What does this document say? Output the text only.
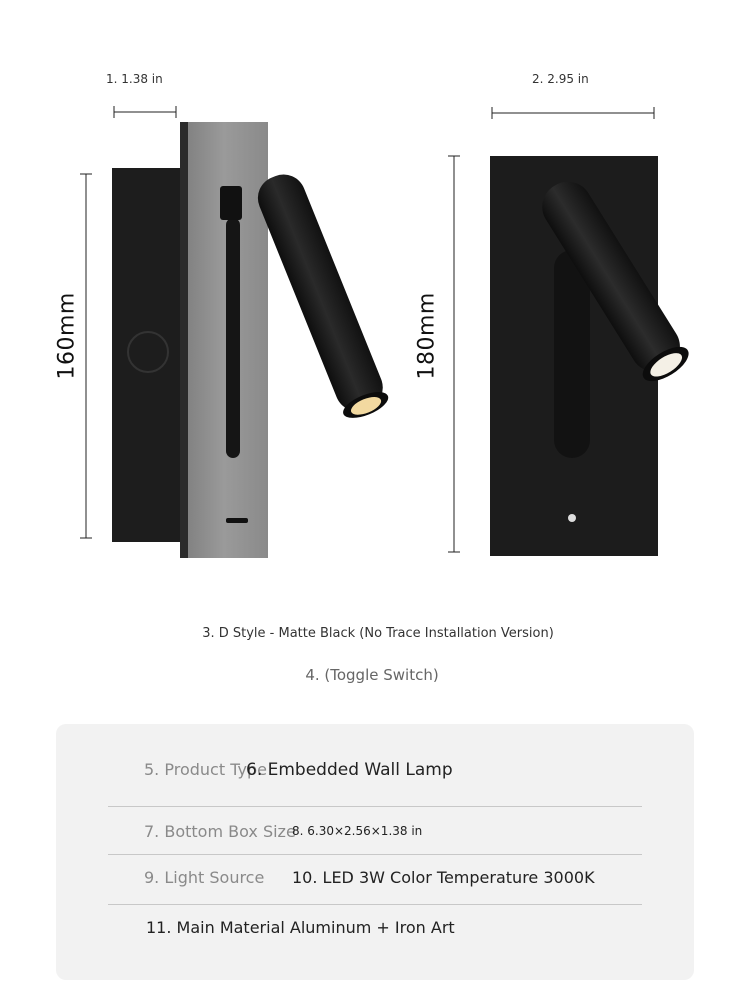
1. 1.38 in	2. 2.95 in
160mm	180mm
3. D Style - Matte Black (No Trace Installation Version)
4. (Toggle Switch)
5. Product Type
6. Embedded Wall Lamp
7. Bottom Box Size
8. 6.30×2.56×1.38 in
9. Light Source 10. LED 3W Color Temperature 3000K
11. Main Material Aluminum + Iron Art
